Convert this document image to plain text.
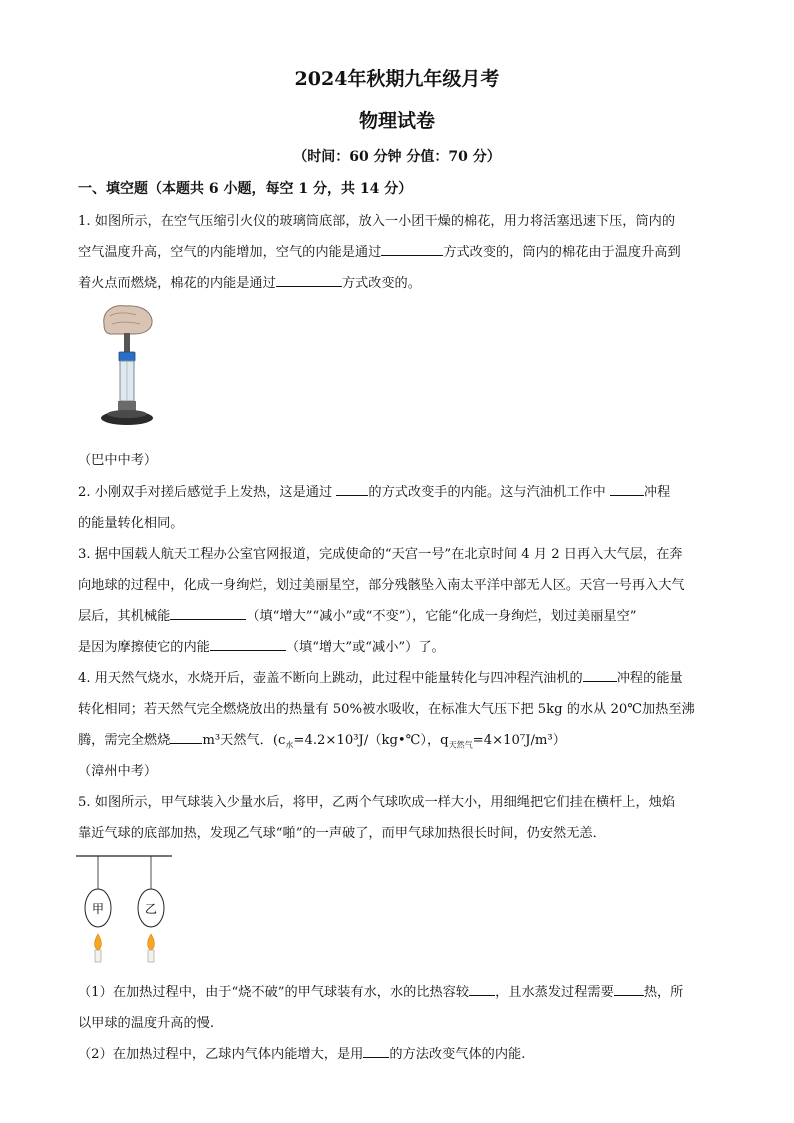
2024年秋期九年级月考
物理试卷
（时间：60 分钟 分值：70 分）
一、填空题（本题共 6 小题，每空 1 分，共 14 分）
1. 如图所示，在空气压缩引火仪的玻璃筒底部，放入一小团干燥的棉花，用力将活塞迅速下压，筒内的
空气温度升高，空气的内能增加，空气的内能是通过	方式改变的，筒内的棉花由于温度升高到
着火点而燃烧，棉花的内能是通过	方式改变的。
（巴中中考）
2. 小刚双手对搓后感觉手上发热，这是通过 的方式改变手的内能。这与汽油机工作中	冲程
的能量转化相同。
3. 据中国载人航天工程办公室官网报道，完成使命的“天宫一号”在北京时间 4 月 2 日再入大气层，在奔
向地球的过程中，化成一身绚烂，划过美丽星空，部分残骸坠入南太平洋中部无人区。天宫一号再入大气
层后，其机械能	（填“增大”“减小”或“不变”），它能“化成一身绚烂，划过美丽星空”
是因为摩擦使它的内能	（填“增大”或“减小”）了。
4. 用天然气烧水，水烧开后，壶盖不断向上跳动，此过程中能量转化与四冲程汽油机的	冲程的能量
转化相同；若天然气完全燃烧放出的热量有 50%被水吸收，在标准大气压下把 5kg 的水从 20℃加热至沸
腾，需完全燃烧 m³天然气．($c_水=4.2\times 10^3J/(kg•℃)$，$q_{天然气}=4\times 10^7J/m^3$）
（漳州中考）
5. 如图所示，甲气球装入少量水后，将甲，乙两个气球吹成一样大小，用细绳把它们挂在横杆上，烛焰
靠近气球的底部加热，发现乙气球“啪”的一声破了，而甲气球加热很长时间，仍安然无恙．
甲	乙
（1）在加热过程中，由于“烧不破”的甲气球装有水，水的比热容较 ，且水蒸发过程需要 热，所
以甲球的温度升高的慢.
（2）在加热过程中，乙球内气体内能增大，是用 的方法改变气体的内能.
